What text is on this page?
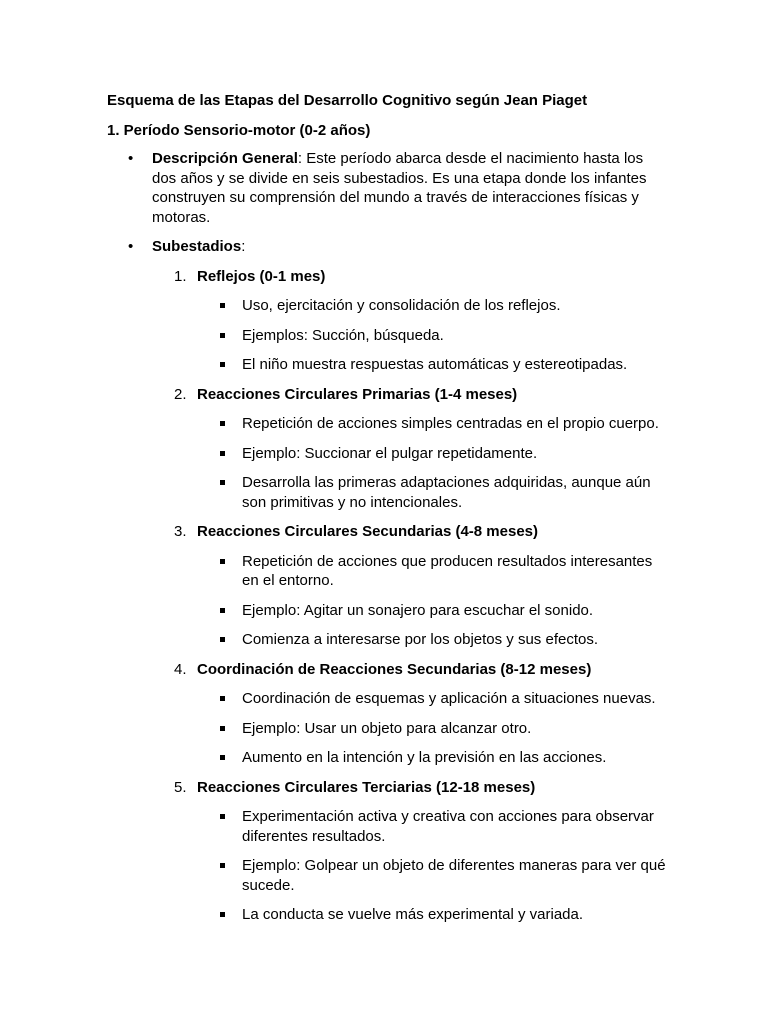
Esquema de las Etapas del Desarrollo Cognitivo según Jean Piaget

1. Período Sensorio-motor (0-2 años)

• Descripción General: Este período abarca desde el nacimiento hasta los dos años y se divide en seis subestadios. Es una etapa donde los infantes construyen su comprensión del mundo a través de interacciones físicas y motoras.
• Subestadios:
1. Reflejos (0-1 mes)
Uso, ejercitación y consolidación de los reflejos.
Ejemplos: Succión, búsqueda.
El niño muestra respuestas automáticas y estereotipadas.
2. Reacciones Circulares Primarias (1-4 meses)
Repetición de acciones simples centradas en el propio cuerpo.
Ejemplo: Succionar el pulgar repetidamente.
Desarrolla las primeras adaptaciones adquiridas, aunque aún son primitivas y no intencionales.
3. Reacciones Circulares Secundarias (4-8 meses)
Repetición de acciones que producen resultados interesantes en el entorno.
Ejemplo: Agitar un sonajero para escuchar el sonido.
Comienza a interesarse por los objetos y sus efectos.
4. Coordinación de Reacciones Secundarias (8-12 meses)
Coordinación de esquemas y aplicación a situaciones nuevas.
Ejemplo: Usar un objeto para alcanzar otro.
Aumento en la intención y la previsión en las acciones.
5. Reacciones Circulares Terciarias (12-18 meses)
Experimentación activa y creativa con acciones para observar diferentes resultados.
Ejemplo: Golpear un objeto de diferentes maneras para ver qué sucede.
La conducta se vuelve más experimental y variada.
